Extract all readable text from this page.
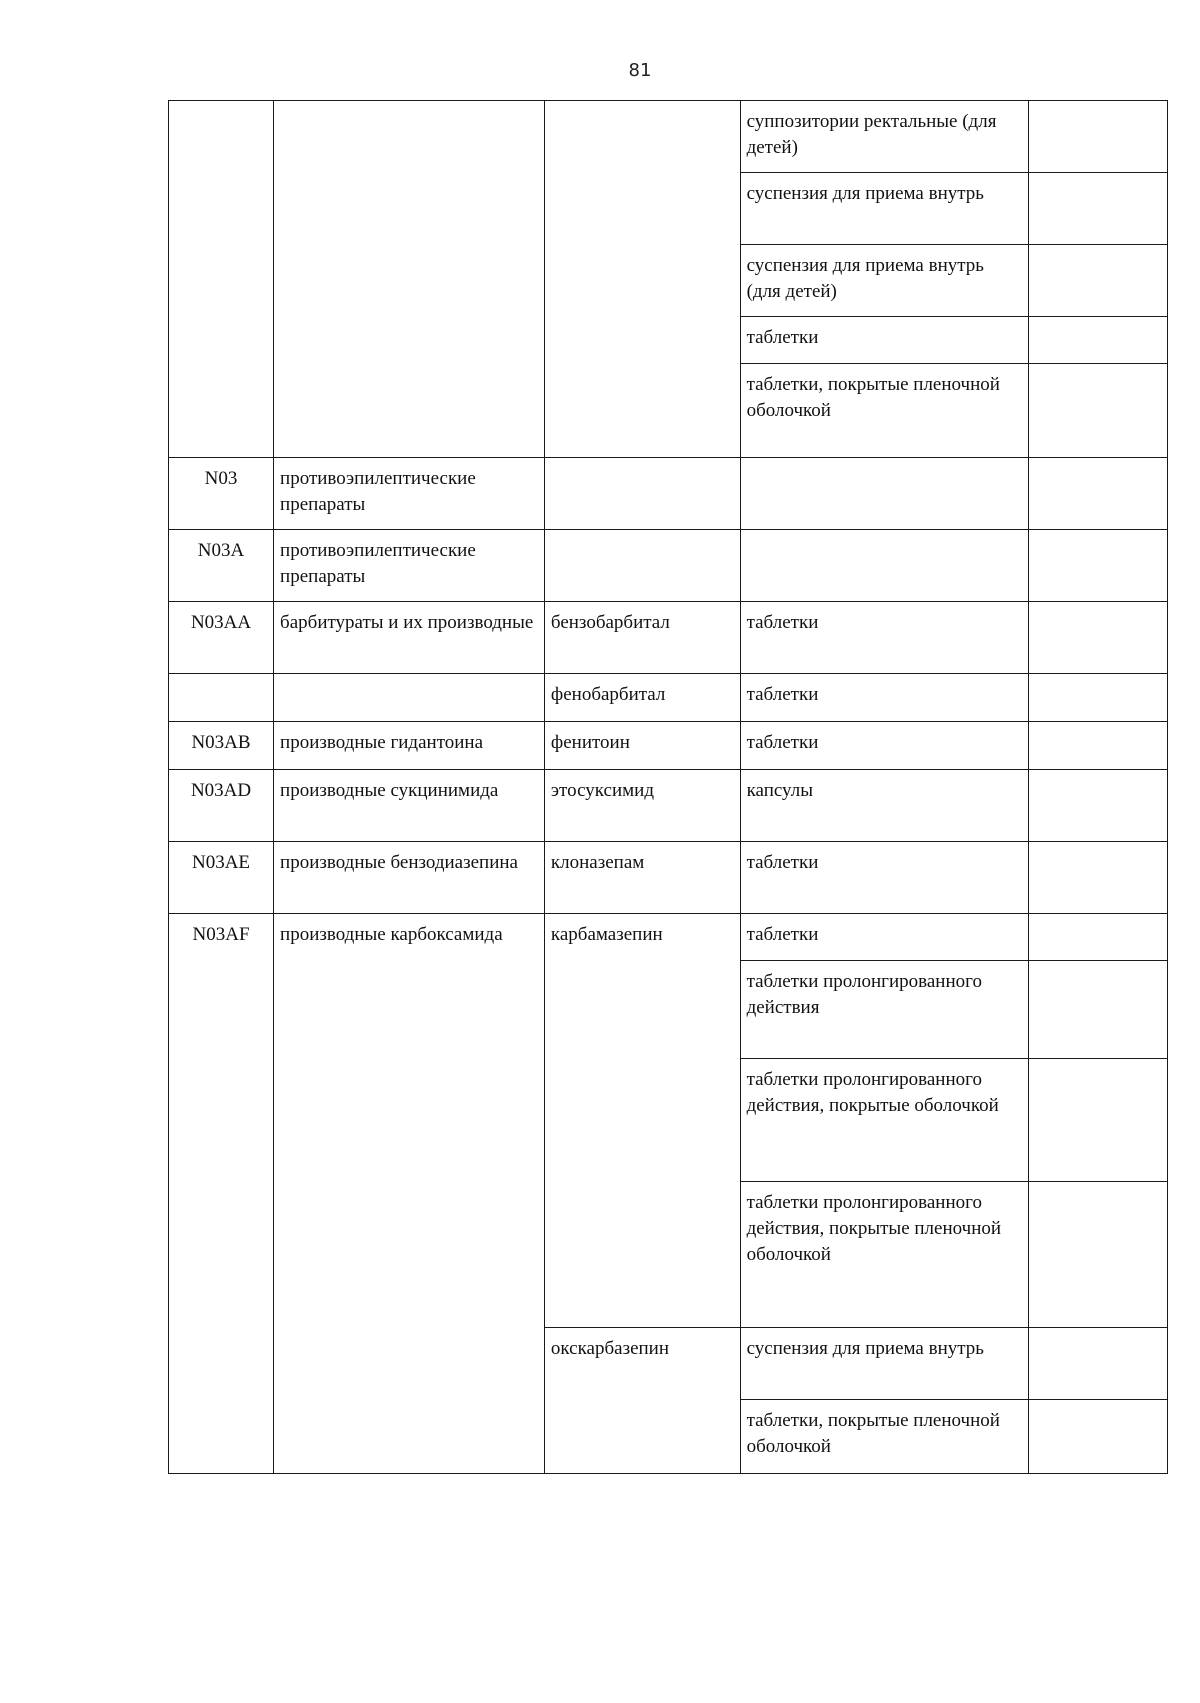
81
			суппозитории ректальные (для детей)	
			суспензия для приема внутрь	
			суспензия для приема внутрь (для детей)	
			таблетки	
			таблетки, покрытые пленочной оболочкой	
N03	противоэпилептические препараты			
N03A	противоэпилептические препараты			
N03AA	барбитураты и их производные	бензобарбитал	таблетки	
		фенобарбитал	таблетки	
N03AB	производные гидантоина	фенитоин	таблетки	
N03AD	производные сукцинимида	этосуксимид	капсулы	
N03AE	производные бензодиазепина	клоназепам	таблетки	
N03AF	производные карбоксамида	карбамазепин	таблетки	
			таблетки пролонгированного действия	
			таблетки пролонгированного действия, покрытые оболочкой	
			таблетки пролонгированного действия, покрытые пленочной оболочкой	
		окскарбазепин	суспензия для приема внутрь	
			таблетки, покрытые пленочной оболочкой	
